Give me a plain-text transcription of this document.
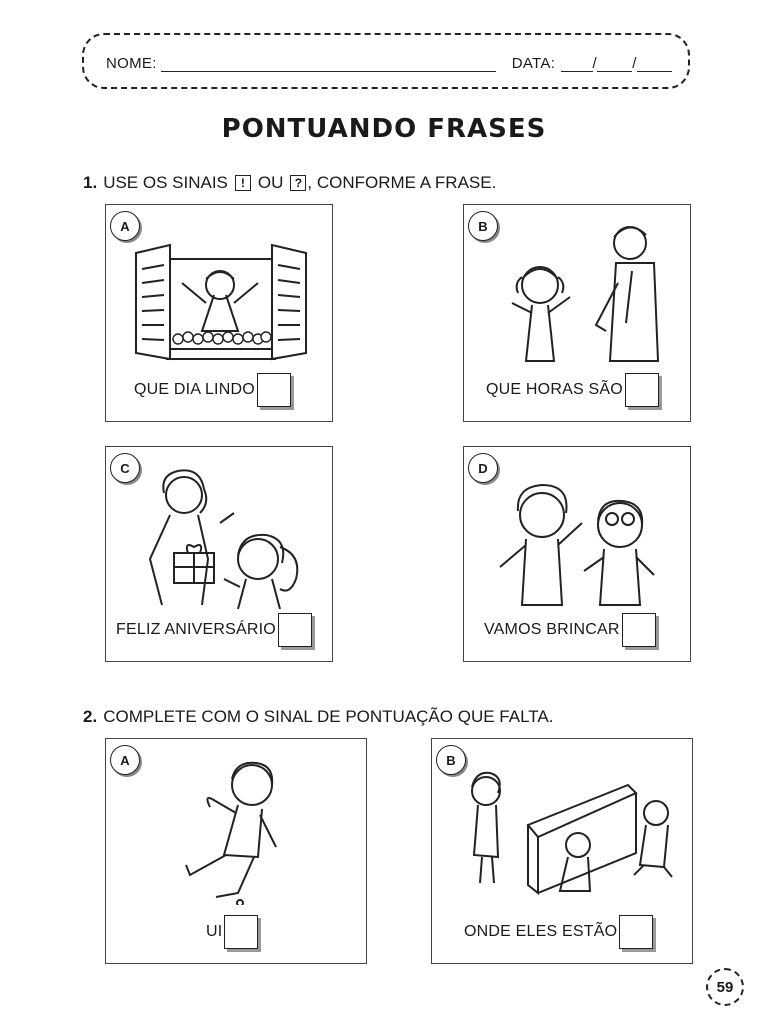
NOME:	DATA: / /
PONTUANDO FRASES
1. USE OS SINAIS	! OU ? , CONFORME A FRASE.
A
QUE DIA LINDO
B
QUE HORAS SÃO
C
FELIZ ANIVERSÁRIO
D
VAMOS BRINCAR
2. COMPLETE COM O SINAL DE PONTUAÇÃO QUE FALTA.
A
UI
B
ONDE ELES ESTÃO
59
